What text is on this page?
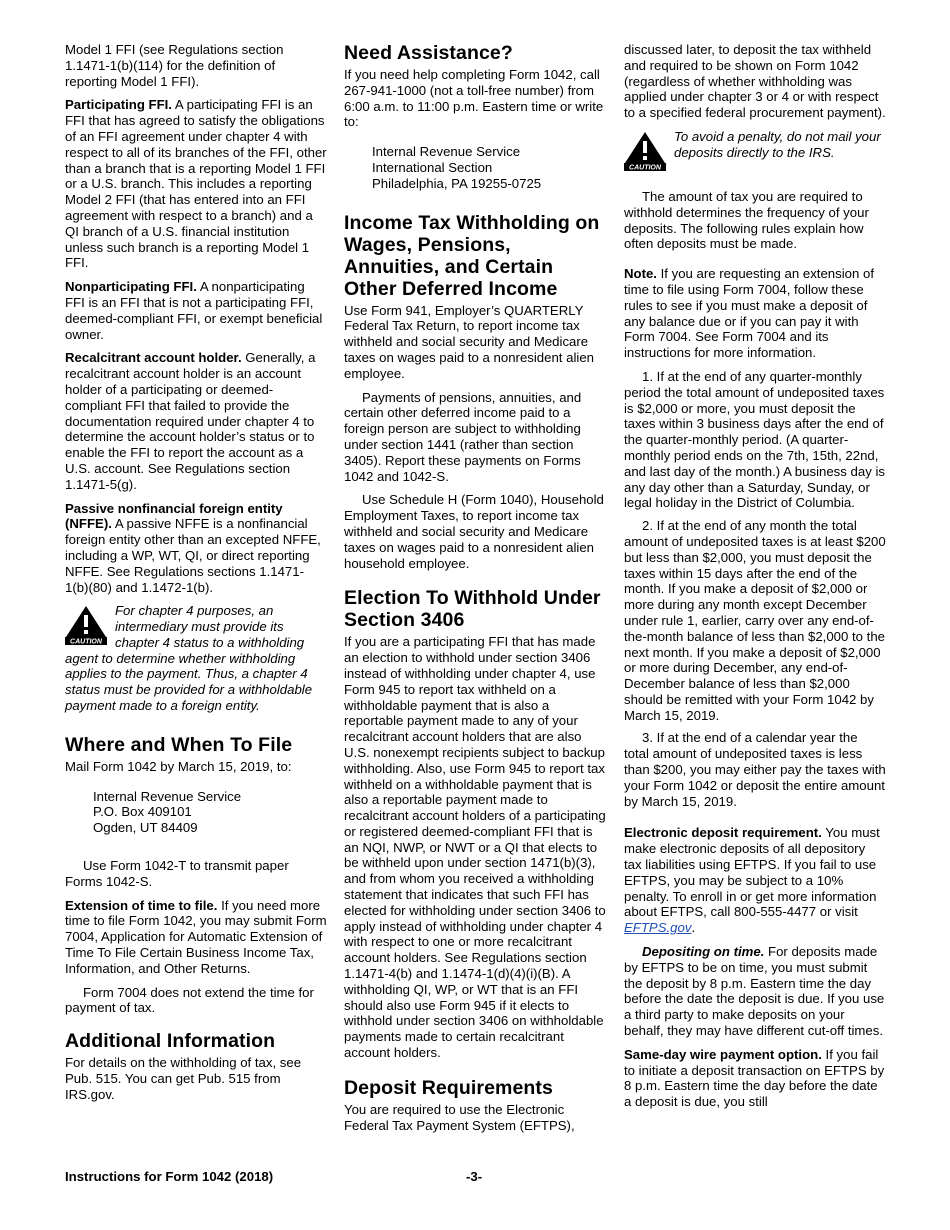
Model 1 FFI (see Regulations section 1.1471-1(b)(114) for the definition of reporting Model 1 FFI).

Participating FFI. A participating FFI is an FFI that has agreed to satisfy the obligations of an FFI agreement under chapter 4 with respect to all of its branches of the FFI, other than a branch that is a reporting Model 1 FFI or a U.S. branch. This includes a reporting Model 2 FFI (that has entered into an FFI agreement with respect to a branch) and a QI branch of a U.S. financial institution unless such branch is a reporting Model 1 FFI.

Nonparticipating FFI. A nonparticipating FFI is an FFI that is not a participating FFI, deemed-compliant FFI, or exempt beneficial owner.

Recalcitrant account holder. Generally, a recalcitrant account holder is an account holder of a participating or deemed-compliant FFI that failed to provide the documentation required under chapter 4 to determine the account holder’s status or to enable the FFI to report the account as a U.S. account. See Regulations section 1.1471-5(g).

Passive nonfinancial foreign entity (NFFE). A passive NFFE is a nonfinancial foreign entity other than an excepted NFFE, including a WP, WT, QI, or direct reporting NFFE. See Regulations sections 1.1471-1(b)(80) and 1.1472-1(b).

CAUTION
For chapter 4 purposes, an intermediary must provide its chapter 4 status to a withholding agent to determine whether withholding applies to the payment. Thus, a chapter 4 status must be provided for a withholdable payment made to a foreign entity.
Where and When To File

Mail Form 1042 by March 15, 2019, to:

Internal Revenue Service
P.O. Box 409101
Ogden, UT 84409

Use Form 1042-T to transmit paper Forms 1042-S.

Extension of time to file. If you need more time to file Form 1042, you may submit Form 7004, Application for Automatic Extension of Time To File Certain Business Income Tax, Information, and Other Returns.

Form 7004 does not extend the time for payment of tax.

Additional Information

For details on the withholding of tax, see Pub. 515. You can get Pub. 515 from IRS.gov.

Need Assistance?

If you need help completing Form 1042, call 267-941-1000 (not a toll-free number) from 6:00 a.m. to 11:00 p.m. Eastern time or write to:

Internal Revenue Service
International Section
Philadelphia, PA 19255-0725
Income Tax Withholding on Wages, Pensions, Annuities, and Certain Other Deferred Income

Use Form 941, Employer’s QUARTERLY Federal Tax Return, to report income tax withheld and social security and Medicare taxes on wages paid to a nonresident alien employee.

Payments of pensions, annuities, and certain other deferred income paid to a foreign person are subject to withholding under section 1441 (rather than section 3405). Report these payments on Forms 1042 and 1042-S.

Use Schedule H (Form 1040), Household Employment Taxes, to report income tax withheld and social security and Medicare taxes on wages paid to a nonresident alien household employee.

Election To Withhold Under Section 3406

If you are a participating FFI that has made an election to withhold under section 3406 instead of withholding under chapter 4, use Form 945 to report tax withheld on a withholdable payment that is also a reportable payment made to any of your recalcitrant account holders that are also U.S. nonexempt recipients subject to backup withholding. Also, use Form 945 to report tax withheld on a withholdable payment that is also a reportable payment made to recalcitrant account holders of a participating or registered deemed-compliant FFI that is an NQI, NWP, or NWT or a QI that elects to be withheld upon under section 1471(b)(3), and from whom you received a withholding statement that indicates that such FFI has elected for withholding under section 3406 to apply instead of withholding under chapter 4 with respect to one or more recalcitrant account holders. See Regulations section 1.1471-4(b) and 1.1474-1(d)(4)(i)(B). A withholding QI, WP, or WT that is an FFI should also use Form 945 if it elects to withhold under section 3406 on withholdable payments made to certain recalcitrant account holders.

Deposit Requirements

You are required to use the Electronic Federal Tax Payment System (EFTPS),

discussed later, to deposit the tax withheld and required to be shown on Form 1042 (regardless of whether withholding was applied under chapter 3 or 4 or with respect to a specified federal procurement payment).

CAUTION
To avoid a penalty, do not mail your deposits directly to the IRS.

The amount of tax you are required to withhold determines the frequency of your deposits. The following rules explain how often deposits must be made.

Note. If you are requesting an extension of time to file using Form 7004, follow these rules to see if you must make a deposit of any balance due or if you can pay it with Form 7004. See Form 7004 and its instructions for more information.

1. If at the end of any quarter-monthly period the total amount of undeposited taxes is $2,000 or more, you must deposit the taxes within 3 business days after the end of the quarter-monthly period. (A quarter-monthly period ends on the 7th, 15th, 22nd, and last day of the month.) A business day is any day other than a Saturday, Sunday, or legal holiday in the District of Columbia.

2. If at the end of any month the total amount of undeposited taxes is at least $200 but less than $2,000, you must deposit the taxes within 15 days after the end of the month. If you make a deposit of $2,000 or more during any month except December under rule 1, earlier, carry over any end-of-the-month balance of less than $2,000 to the next month. If you make a deposit of $2,000 or more during December, any end-of-December balance of less than $2,000 should be remitted with your Form 1042 by March 15, 2019.

3. If at the end of a calendar year the total amount of undeposited taxes is less than $200, you may either pay the taxes with your Form 1042 or deposit the entire amount by March 15, 2019.

Electronic deposit requirement. You must make electronic deposits of all depository tax liabilities using EFTPS. If you fail to use EFTPS, you may be subject to a 10% penalty. To enroll in or get more information about EFTPS, call 800-555-4477 or visit EFTPS.gov.

Depositing on time. For deposits made by EFTPS to be on time, you must submit the deposit by 8 p.m. Eastern time the day before the date the deposit is due. If you use a third party to make deposits on your behalf, they may have different cut-off times.

Same-day wire payment option. If you fail to initiate a deposit transaction on EFTPS by 8 p.m. Eastern time the day before the date a deposit is due, you still

Instructions for Form 1042 (2018)	-3-
